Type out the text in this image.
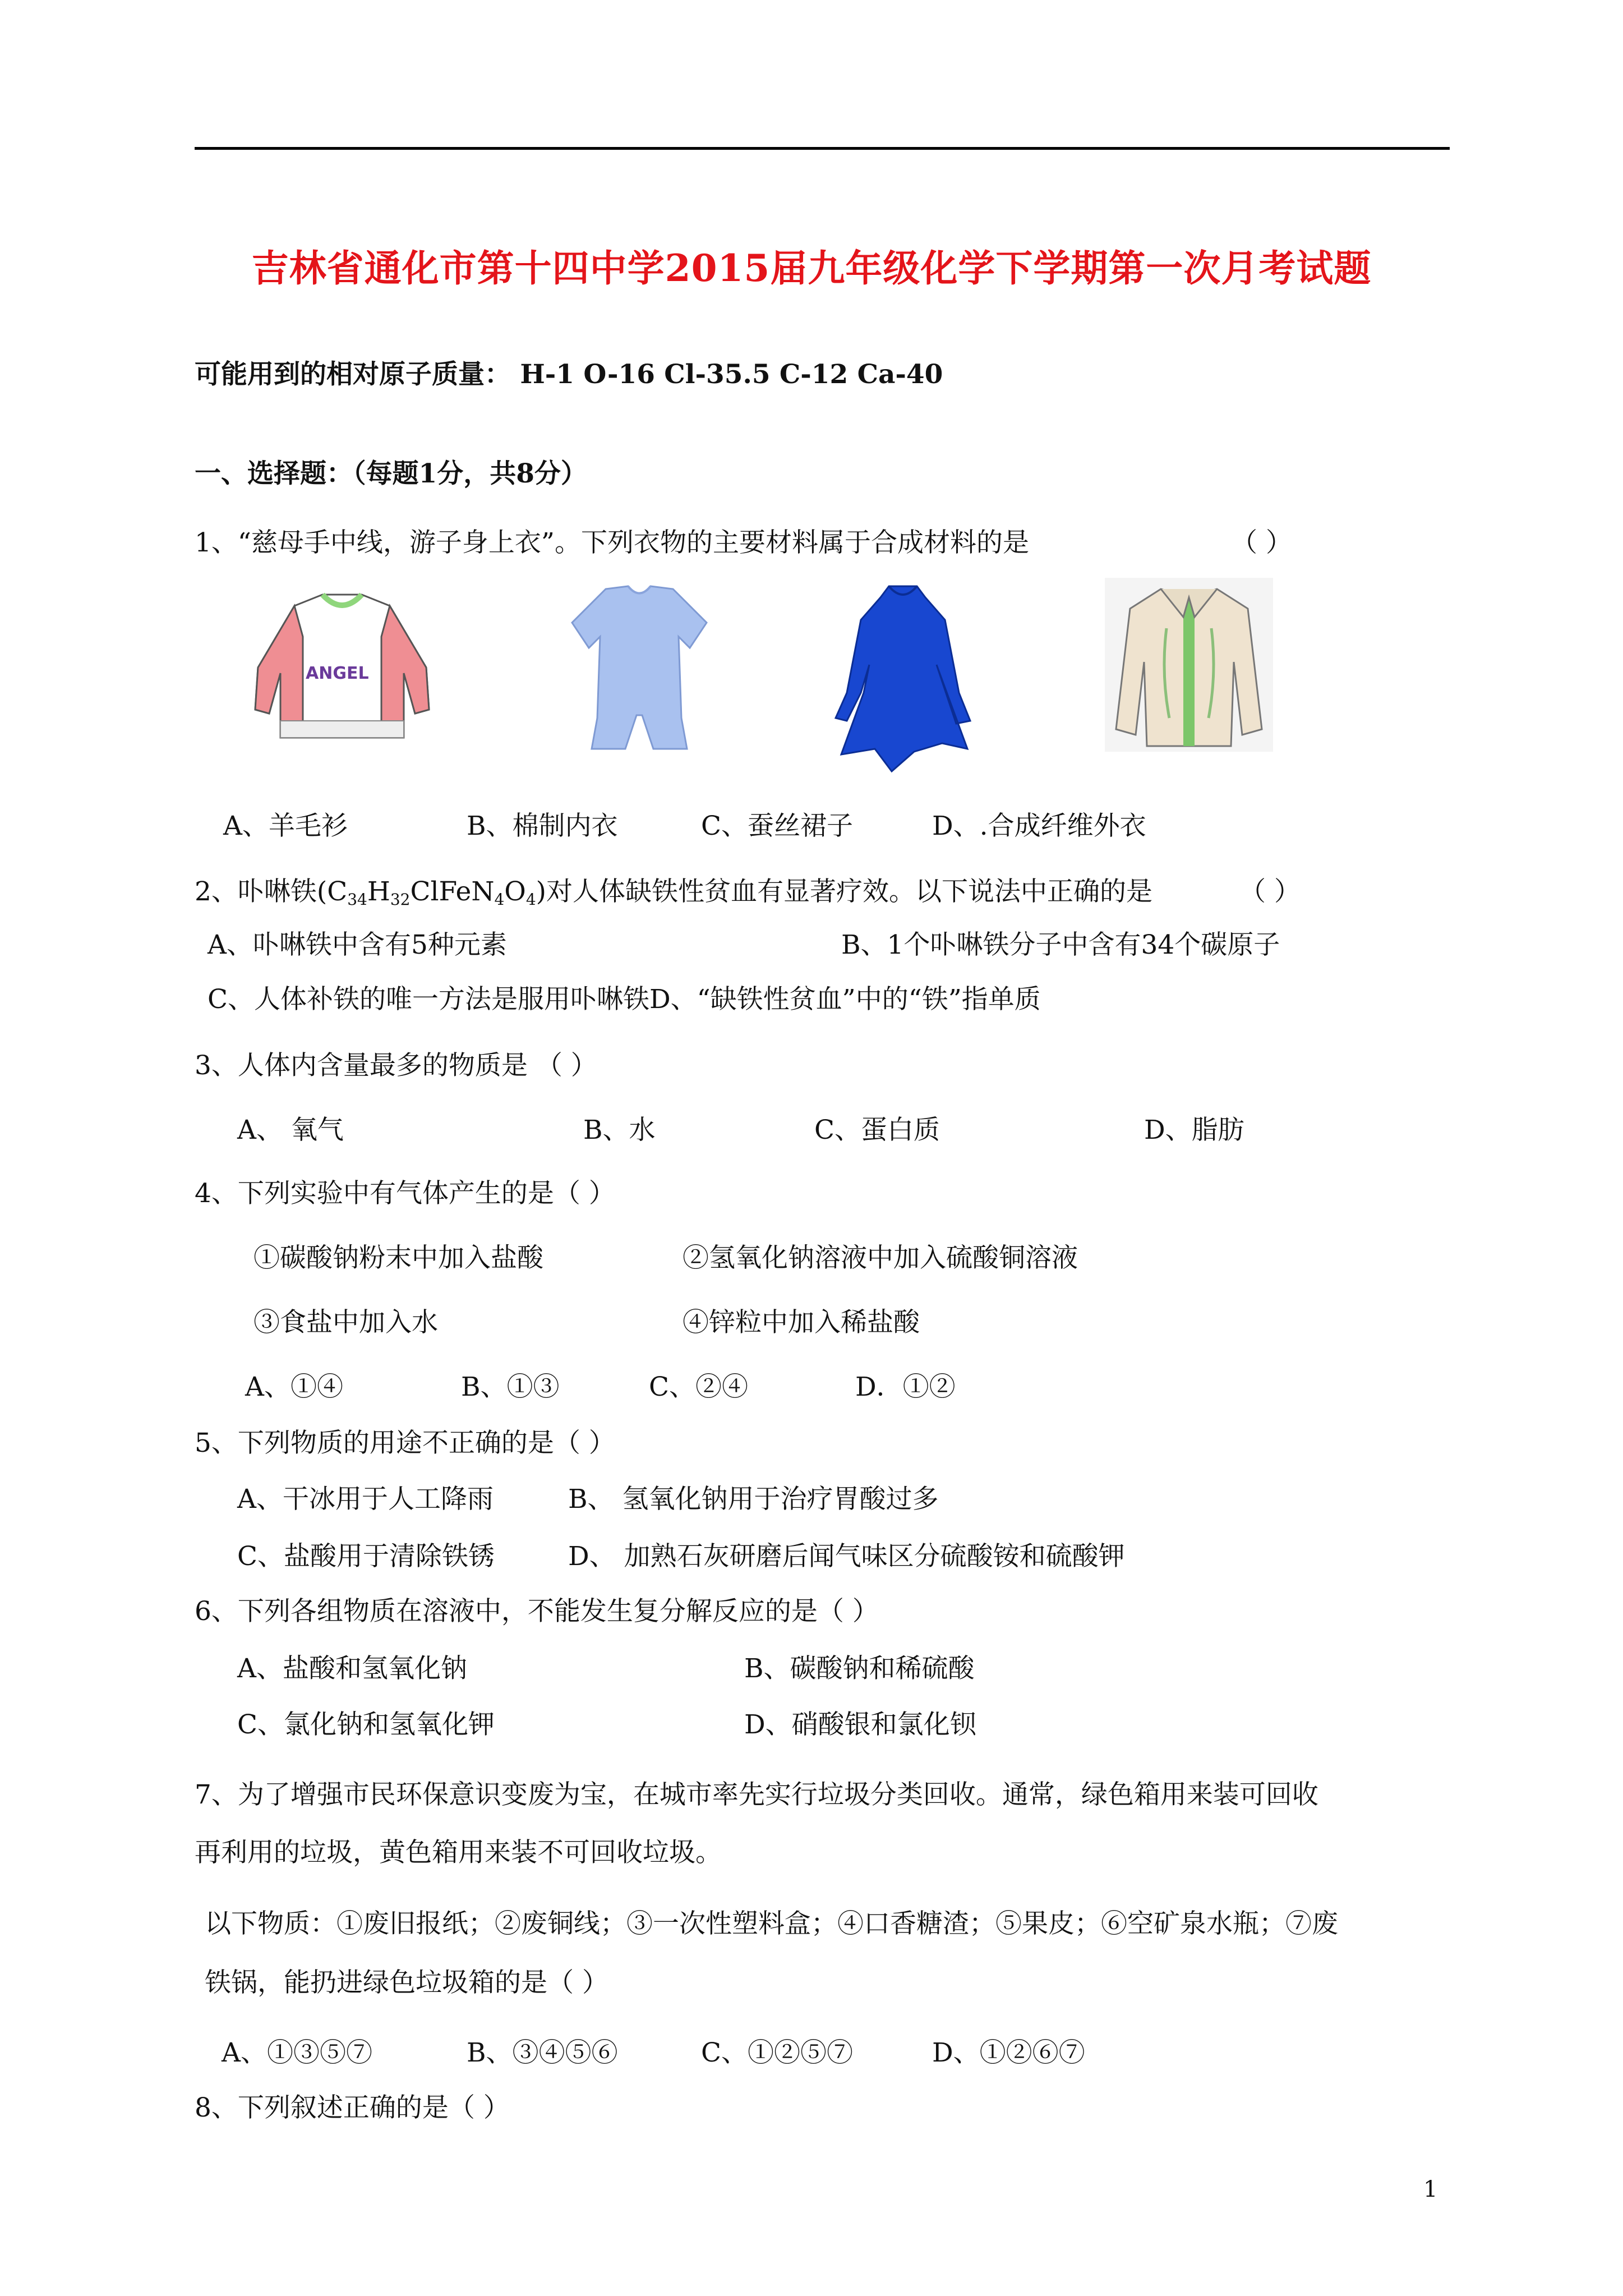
吉林省通化市第十四中学2015届九年级化学下学期第一次月考试题
可能用到的相对原子质量： H-1 O-16 Cl-35.5 C-12 Ca-40
一、选择题：（每题1分，共8分）
1、“慈母手中线，游子身上衣”。下列衣物的主要材料属于合成材料的是	（ ）
ANGEL
A、羊毛衫	B、棉制内衣	C、蚕丝裙子	D、.合成纤维外衣
2、卟啉铁$(C_{34}H_{32}ClFeN_4O_4)$对人体缺铁性贫血有显著疗效。以下说法中正确的是	（ ）
A、卟啉铁中含有5种元素	B、1个卟啉铁分子中含有34个碳原子
C、人体补铁的唯一方法是服用卟啉铁D、“缺铁性贫血”中的“铁”指单质
3、人体内含量最多的物质是 （ ）
A、 氧气	B、水	C、蛋白质	D、脂肪
4、下列实验中有气体产生的是（ ）
①碳酸钠粉末中加入盐酸	②氢氧化钠溶液中加入硫酸铜溶液
③食盐中加入水	④锌粒中加入稀盐酸
A、①④	B、①③	C、②④	D．①②
5、下列物质的用途不正确的是（ ）
A、干冰用于人工降雨	B、 氢氧化钠用于治疗胃酸过多
C、盐酸用于清除铁锈	D、 加熟石灰研磨后闻气味区分硫酸铵和硫酸钾
6、下列各组物质在溶液中，不能发生复分解反应的是（ ）
A、盐酸和氢氧化钠	B、碳酸钠和稀硫酸
C、氯化钠和氢氧化钾	D、硝酸银和氯化钡
7、为了增强市民环保意识变废为宝，在城市率先实行垃圾分类回收。通常，绿色箱用来装可回收
再利用的垃圾，黄色箱用来装不可回收垃圾。
以下物质：①废旧报纸；②废铜线；③一次性塑料盒；④口香糖渣；⑤果皮；⑥空矿泉水瓶；⑦废
铁锅，能扔进绿色垃圾箱的是（ ）
A、①③⑤⑦	B、③④⑤⑥	C、①②⑤⑦	D、①②⑥⑦
8、下列叙述正确的是（ ）
1
